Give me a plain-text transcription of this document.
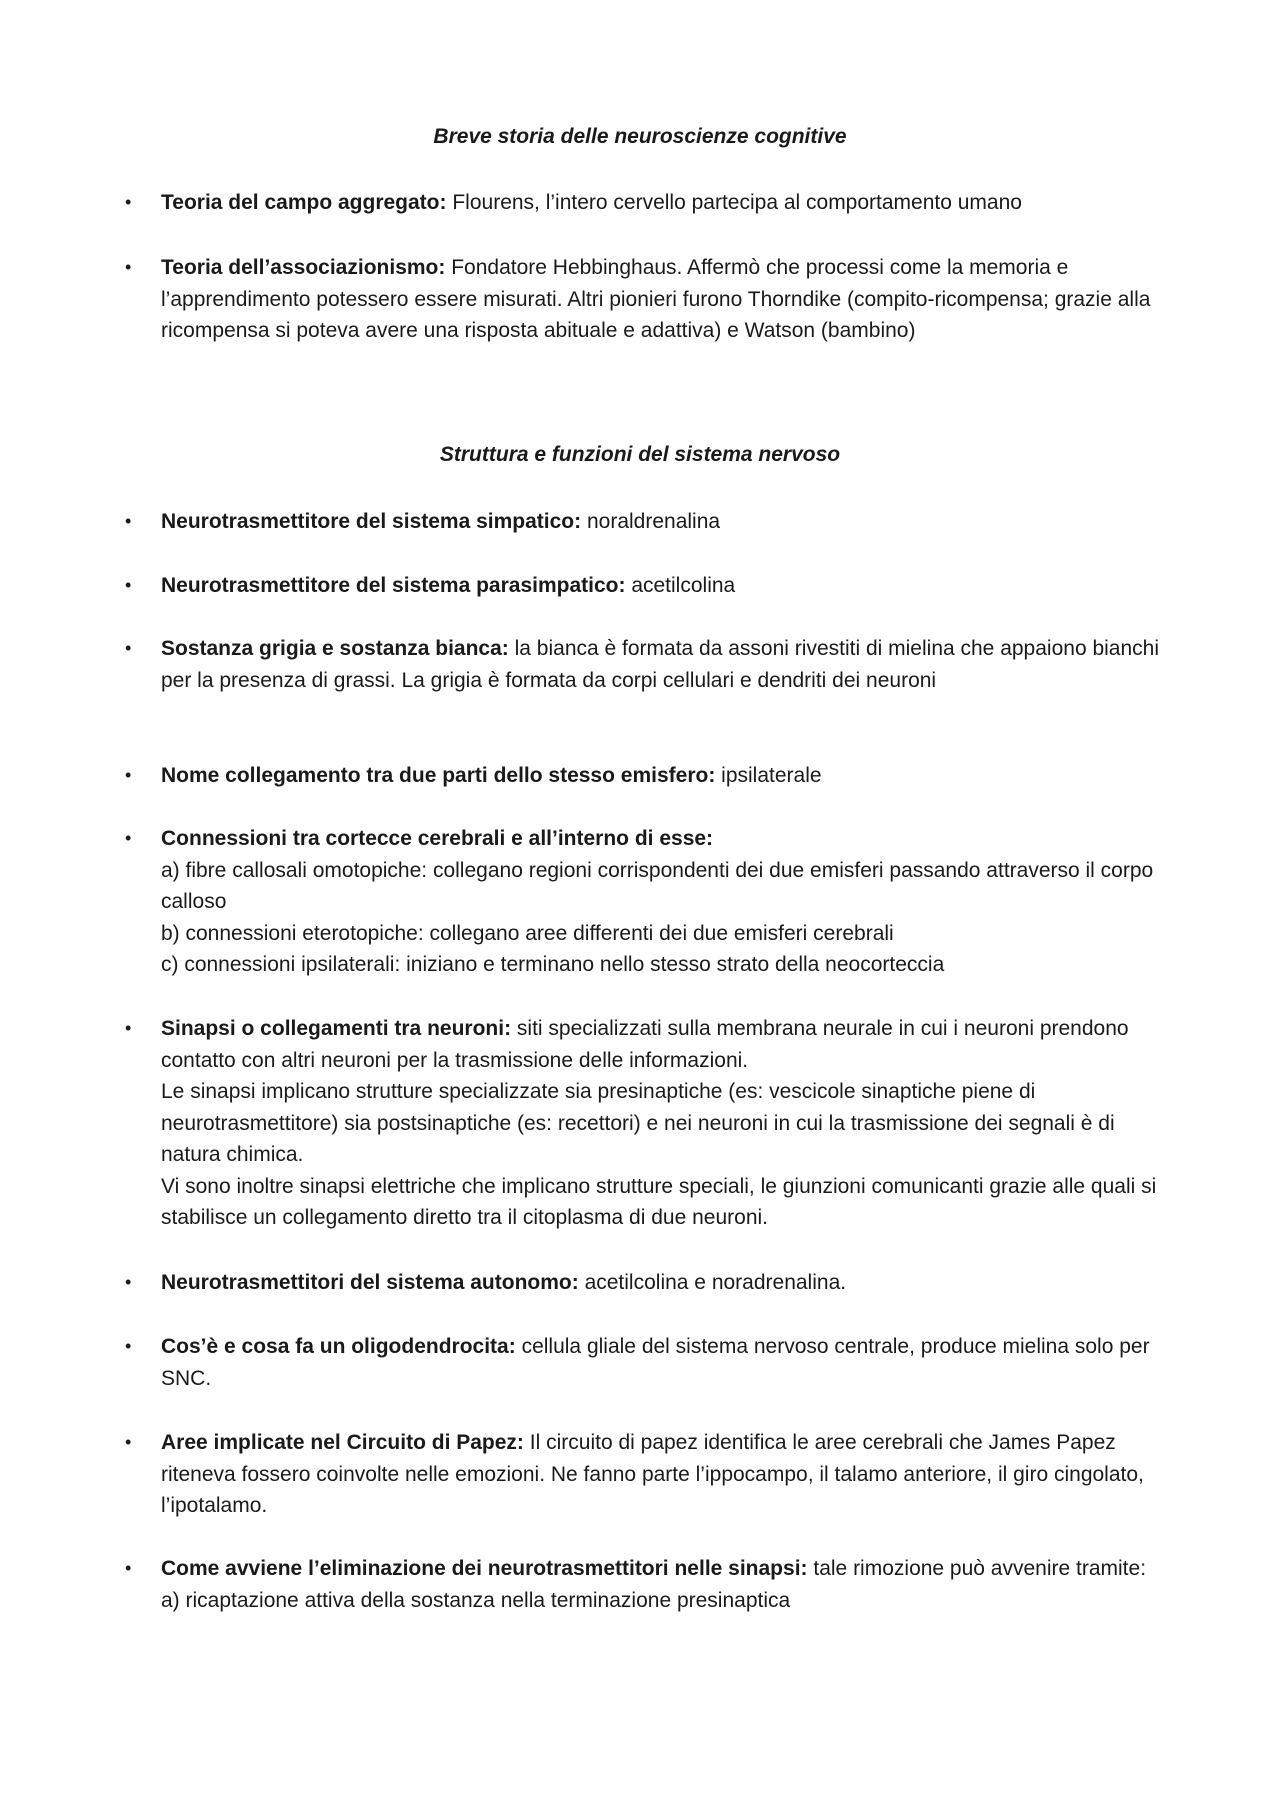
Breve storia delle neuroscienze cognitive
•	Teoria del campo aggregato: Flourens, l’intero cervello partecipa al comportamento umano

•	Teoria dell’associazionismo: Fondatore Hebbinghaus. Affermò che processi come la memoria e l’apprendimento potessero essere misurati. Altri pionieri furono Thorndike (compito-ricompensa; grazie alla ricompensa si poteva avere una risposta abituale e adattiva) e Watson (bambino)

Struttura e funzioni del sistema nervoso
•	Neurotrasmettitore del sistema simpatico: noraldrenalina

•	Neurotrasmettitore del sistema parasimpatico: acetilcolina

•	Sostanza grigia e sostanza bianca: la bianca è formata da assoni rivestiti di mielina che appaiono bianchi per la presenza di grassi. La grigia è formata da corpi cellulari e dendriti dei neuroni

•	Nome collegamento tra due parti dello stesso emisfero: ipsilaterale

•	Connessioni tra cortecce cerebrali e all’interno di esse:

a) fibre callosali omotopiche: collegano regioni corrispondenti dei due emisferi passando attraverso il corpo calloso

b) connessioni eterotopiche: collegano aree differenti dei due emisferi cerebrali

c) connessioni ipsilaterali: iniziano e terminano nello stesso strato della neocorteccia

•	Sinapsi o collegamenti tra neuroni: siti specializzati sulla membrana neurale in cui i neuroni prendono contatto con altri neuroni per la trasmissione delle informazioni.

Le sinapsi implicano strutture specializzate sia presinaptiche (es: vescicole sinaptiche piene di neurotrasmettitore) sia postsinaptiche (es: recettori) e nei neuroni in cui la trasmissione dei segnali è di natura chimica.

Vi sono inoltre sinapsi elettriche che implicano strutture speciali, le giunzioni comunicanti grazie alle quali si stabilisce un collegamento diretto tra il citoplasma di due neuroni.

•	Neurotrasmettitori del sistema autonomo: acetilcolina e noradrenalina.

•	Cos’è e cosa fa un oligodendrocita: cellula gliale del sistema nervoso centrale, produce mielina solo per SNC.

•	Aree implicate nel Circuito di Papez: Il circuito di papez identifica le aree cerebrali che James Papez riteneva fossero coinvolte nelle emozioni. Ne fanno parte l’ippocampo, il talamo anteriore, il giro cingolato, l’ipotalamo.

•	Come avviene l’eliminazione dei neurotrasmettitori nelle sinapsi: tale rimozione può avvenire tramite:

a) ricaptazione attiva della sostanza nella terminazione presinaptica
